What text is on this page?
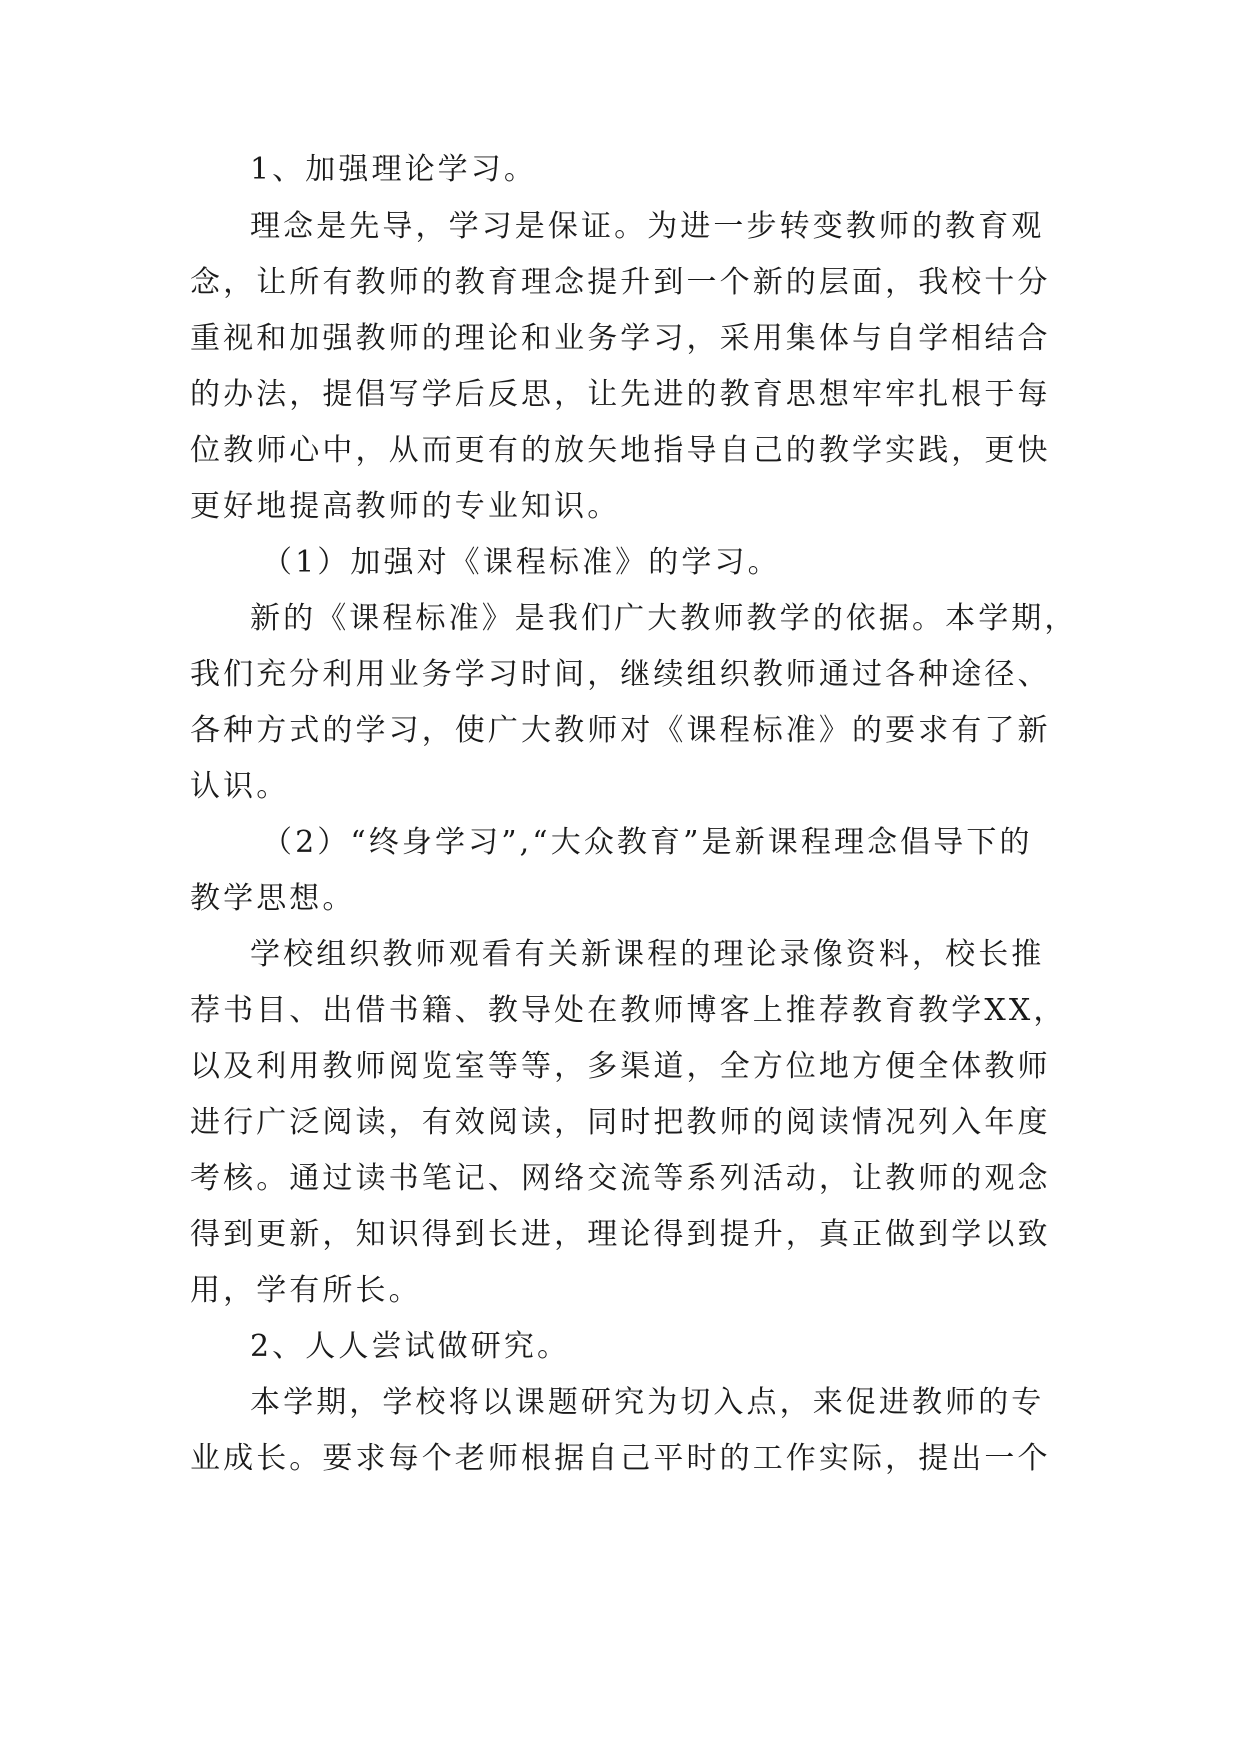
1、加强理论学习。
理念是先导，学习是保证。为进一步转变教师的教育观
念，让所有教师的教育理念提升到一个新的层面，我校十分
重视和加强教师的理论和业务学习，采用集体与自学相结合
的办法，提倡写学后反思，让先进的教育思想牢牢扎根于每
位教师心中，从而更有的放矢地指导自己的教学实践，更快
更好地提高教师的专业知识。
（1）加强对《课程标准》的学习。
新的《课程标准》是我们广大教师教学的依据。本学期，
我们充分利用业务学习时间，继续组织教师通过各种途径、
各种方式的学习，使广大教师对《课程标准》的要求有了新
认识。
（2）“终身学习”,“大众教育”是新课程理念倡导下的
教学思想。
学校组织教师观看有关新课程的理论录像资料，校长推
荐书目、出借书籍、教导处在教师博客上推荐教育教学XX，
以及利用教师阅览室等等，多渠道，全方位地方便全体教师
进行广泛阅读，有效阅读，同时把教师的阅读情况列入年度
考核。通过读书笔记、网络交流等系列活动，让教师的观念
得到更新，知识得到长进，理论得到提升，真正做到学以致
用，学有所长。
2、人人尝试做研究。
本学期，学校将以课题研究为切入点，来促进教师的专
业成长。要求每个老师根据自己平时的工作实际，提出一个
